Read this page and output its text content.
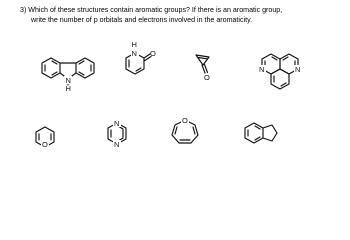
3) Which of these structures contain aromatic groups? If there is an aromatic group,

write the number of p orbitals and electrons involved in the aromaticity.
N
H
N
H
O
O
N	N
O
N
N
O
